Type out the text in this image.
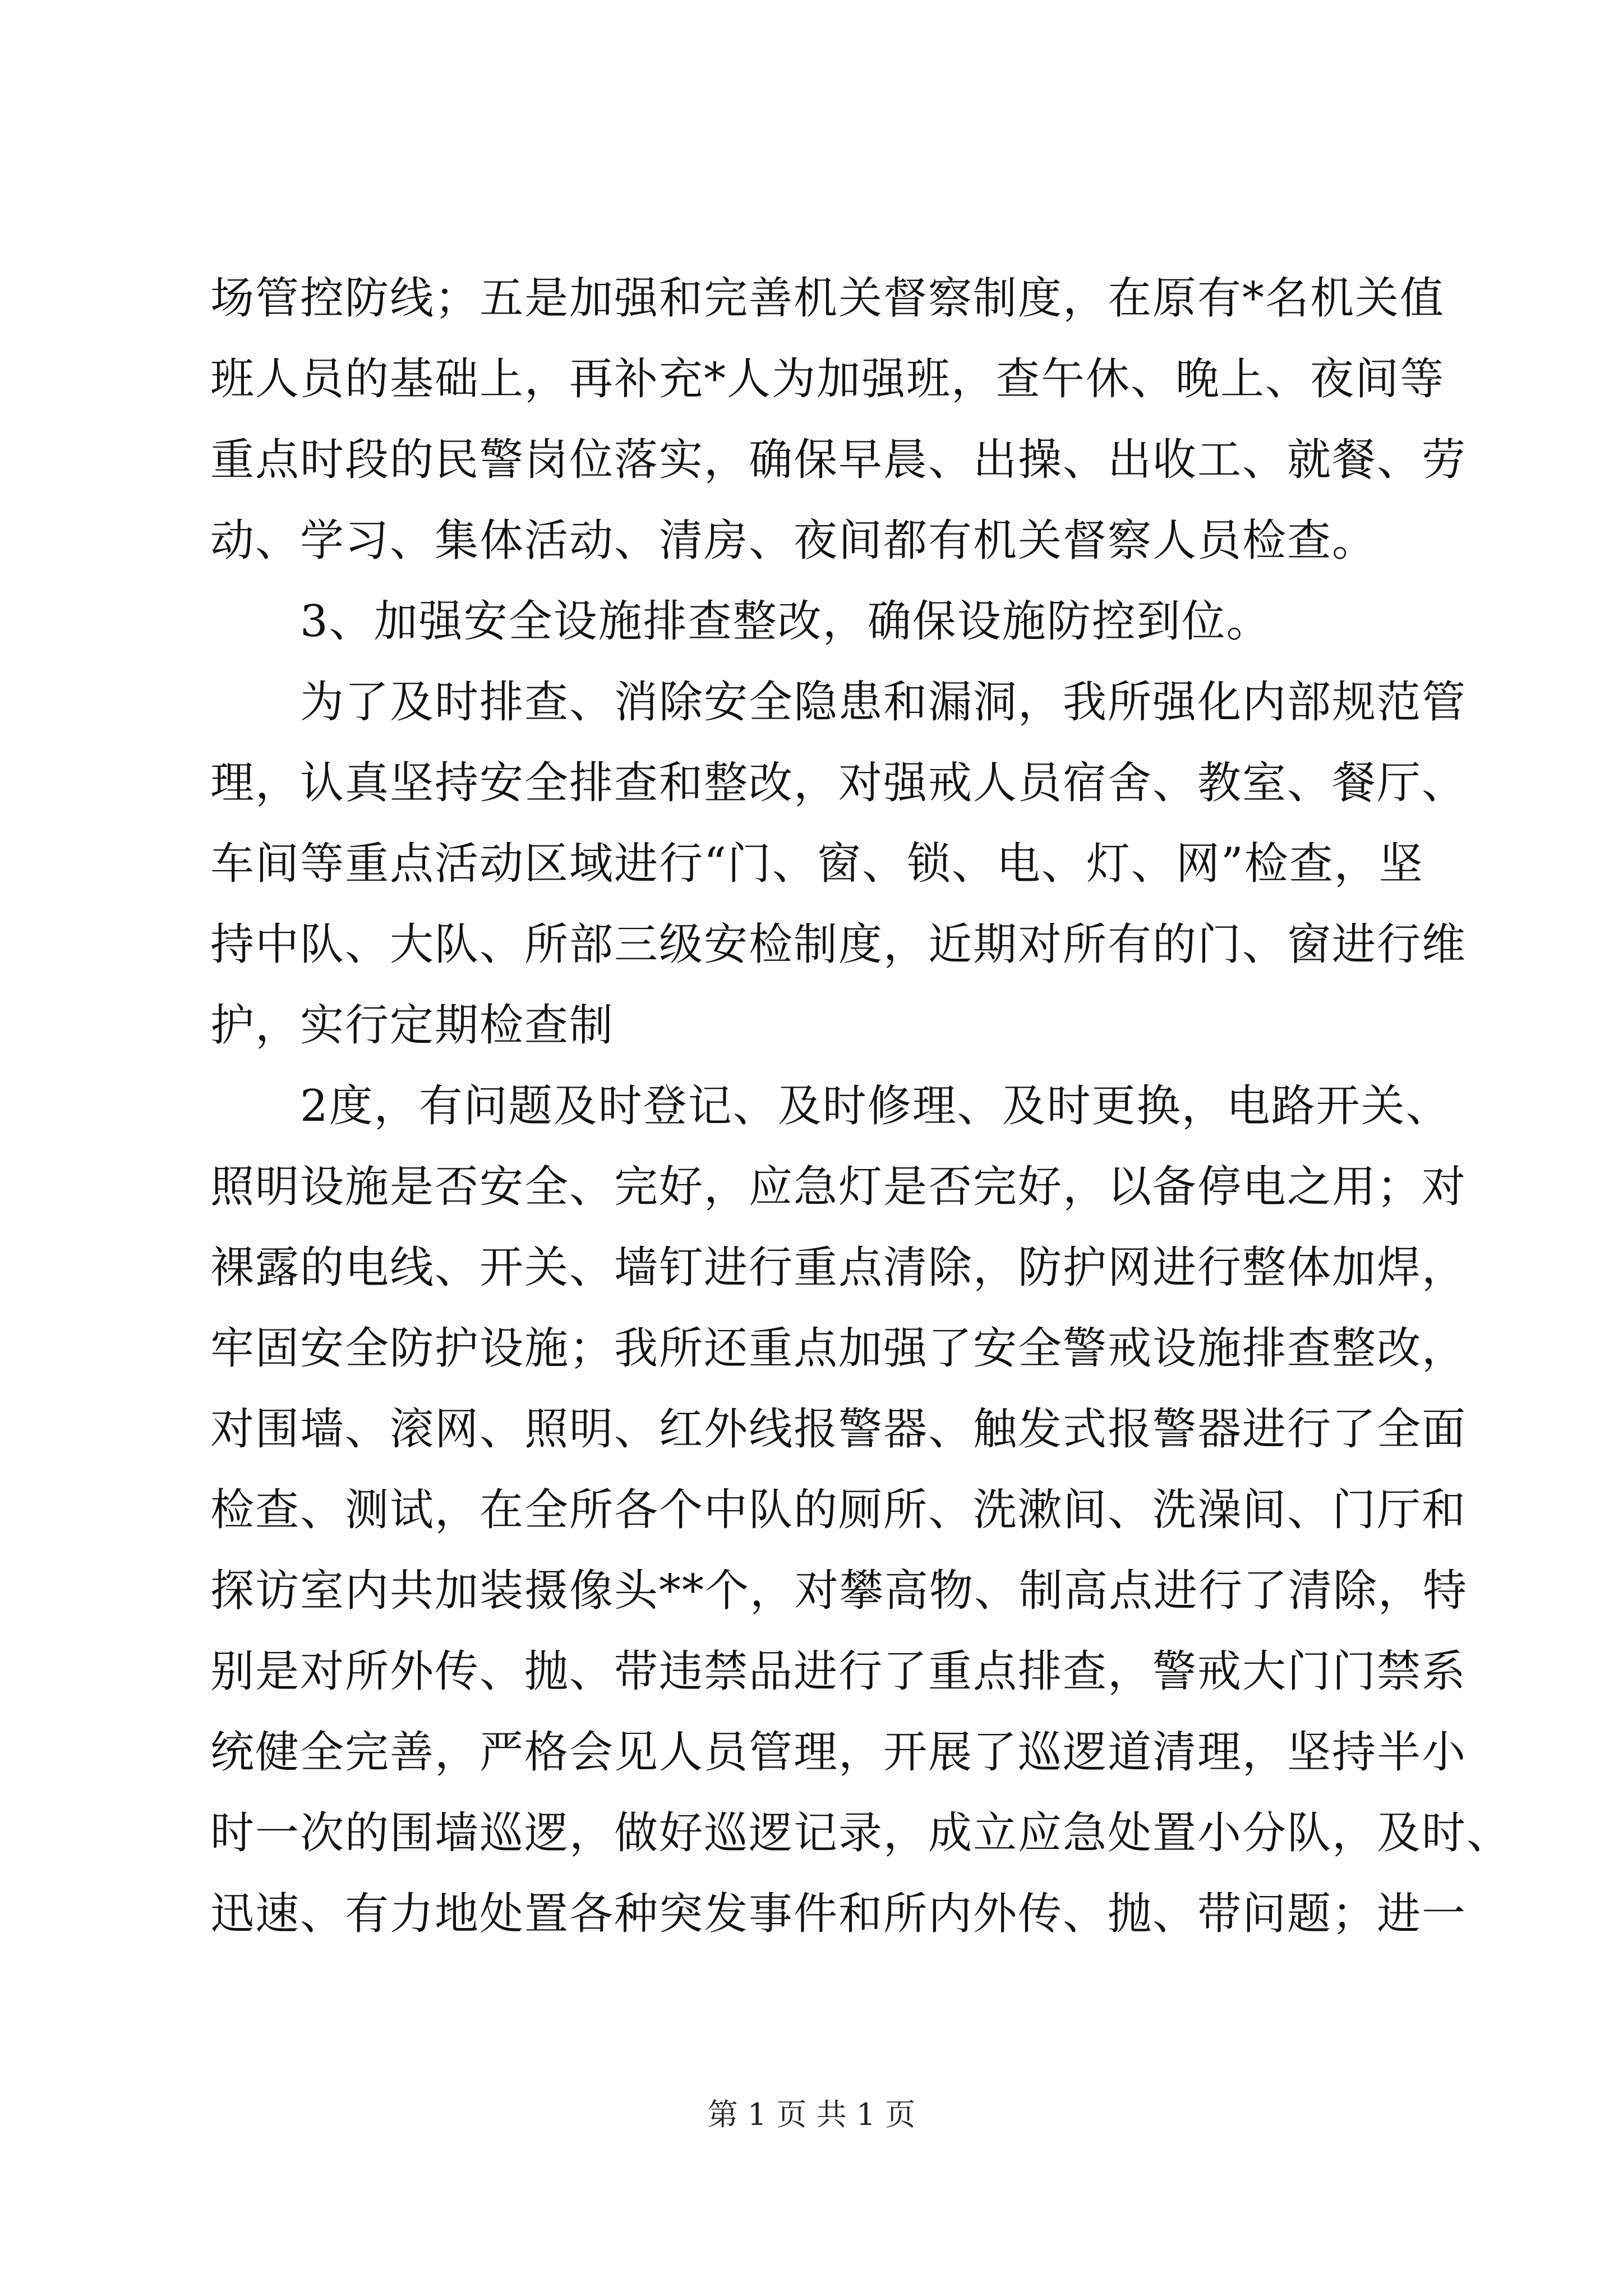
场管控防线；五是加强和完善机关督察制度，在原有*名机关值
班人员的基础上，再补充*人为加强班，查午休、晚上、夜间等
重点时段的民警岗位落实，确保早晨、出操、出收工、就餐、劳
动、学习、集体活动、清房、夜间都有机关督察人员检查。
　　3、加强安全设施排查整改，确保设施防控到位。
　　为了及时排查、消除安全隐患和漏洞，我所强化内部规范管
理，认真坚持安全排查和整改，对强戒人员宿舍、教室、餐厅、
车间等重点活动区域进行“门、窗、锁、电、灯、网”检查，坚
持中队、大队、所部三级安检制度，近期对所有的门、窗进行维
护，实行定期检查制
　　2度，有问题及时登记、及时修理、及时更换，电路开关、
照明设施是否安全、完好，应急灯是否完好，以备停电之用；对
裸露的电线、开关、墙钉进行重点清除，防护网进行整体加焊，
牢固安全防护设施；我所还重点加强了安全警戒设施排查整改，
对围墙、滚网、照明、红外线报警器、触发式报警器进行了全面
检查、测试，在全所各个中队的厕所、洗漱间、洗澡间、门厅和
探访室内共加装摄像头**个，对攀高物、制高点进行了清除，特
别是对所外传、抛、带违禁品进行了重点排查，警戒大门门禁系
统健全完善，严格会见人员管理，开展了巡逻道清理，坚持半小
时一次的围墙巡逻，做好巡逻记录，成立应急处置小分队，及时、
迅速、有力地处置各种突发事件和所内外传、抛、带问题；进一
第 1 页 共 1 页
